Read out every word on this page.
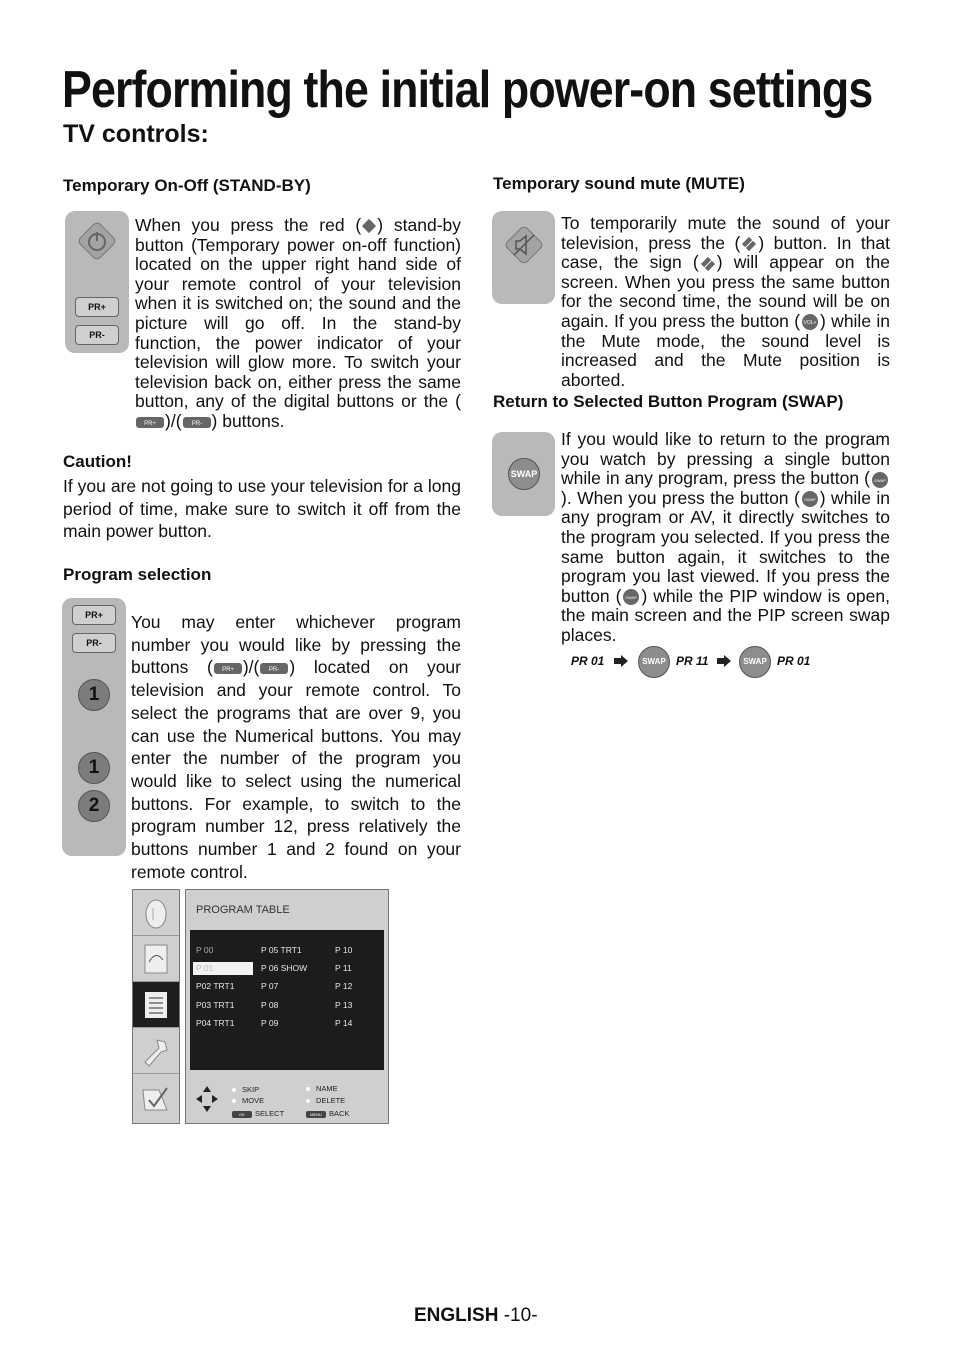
Performing the initial power-on settings
TV controls:
Temporary On-Off (STAND-BY)
PR+
PR-

When you press the red ( ) stand-by button (Temporary power on-off function) located on the upper right hand side of your remote control of your television when it is switched on; the sound and the picture will go off. In the stand-by function, the power indicator of your television will glow more. To switch your television back on, either press the same button, any of the digital buttons or the (
PR+ )/( PR- ) buttons.

Caution!
If you are not going to use your television for a long period of time, make sure to switch it off from the main power button.
Program selection
PR+
PR-
1
1
2

You may enter whichever program number you would like by pressing the buttons ( PR+ )/( PR- ) located on your television and your remote control. To select the programs that are over 9, you can use the Numerical buttons. You may enter the number of the program you would like to select using the numerical buttons. For example, to switch to the program number 12, press relatively the buttons number 1 and 2 found on your remote control.

PROGRAM TABLE
P 00	P 05 TRT1	P 10
P 01	P 06 SHOW	P 11
P02 TRT1	P 07	P 12
P03 TRT1	P 08	P 13
P04 TRT1	P 09	P 14
SKIP
MOVE
OK SELECT
NAME
DELETE
MENU BACK
Temporary sound mute (MUTE)

To temporarily mute the sound of your television, press the ( ) button. In that case, the sign ( ) will appear on the screen. When you press the same button for the second time, the sound will be on again. If you press the button ( VOL+ ) while in the Mute mode, the sound level is increased and the Mute position is aborted.

Return to Selected Button Program (SWAP)
SWAP

If you would like to return to the program you watch by pressing a single button while in any program, press the button ( SWAP
). When you press the button ( SWAP ) while in any program or AV, it directly switches to the program you selected. If you press the same button again, it switches to the program you last viewed. If you press the button ( SWAP ) while the PIP window is open, the main screen and the PIP screen swap places.

PR 01	SWAP PR 11	SWAP PR 01
ENGLISH -10-
